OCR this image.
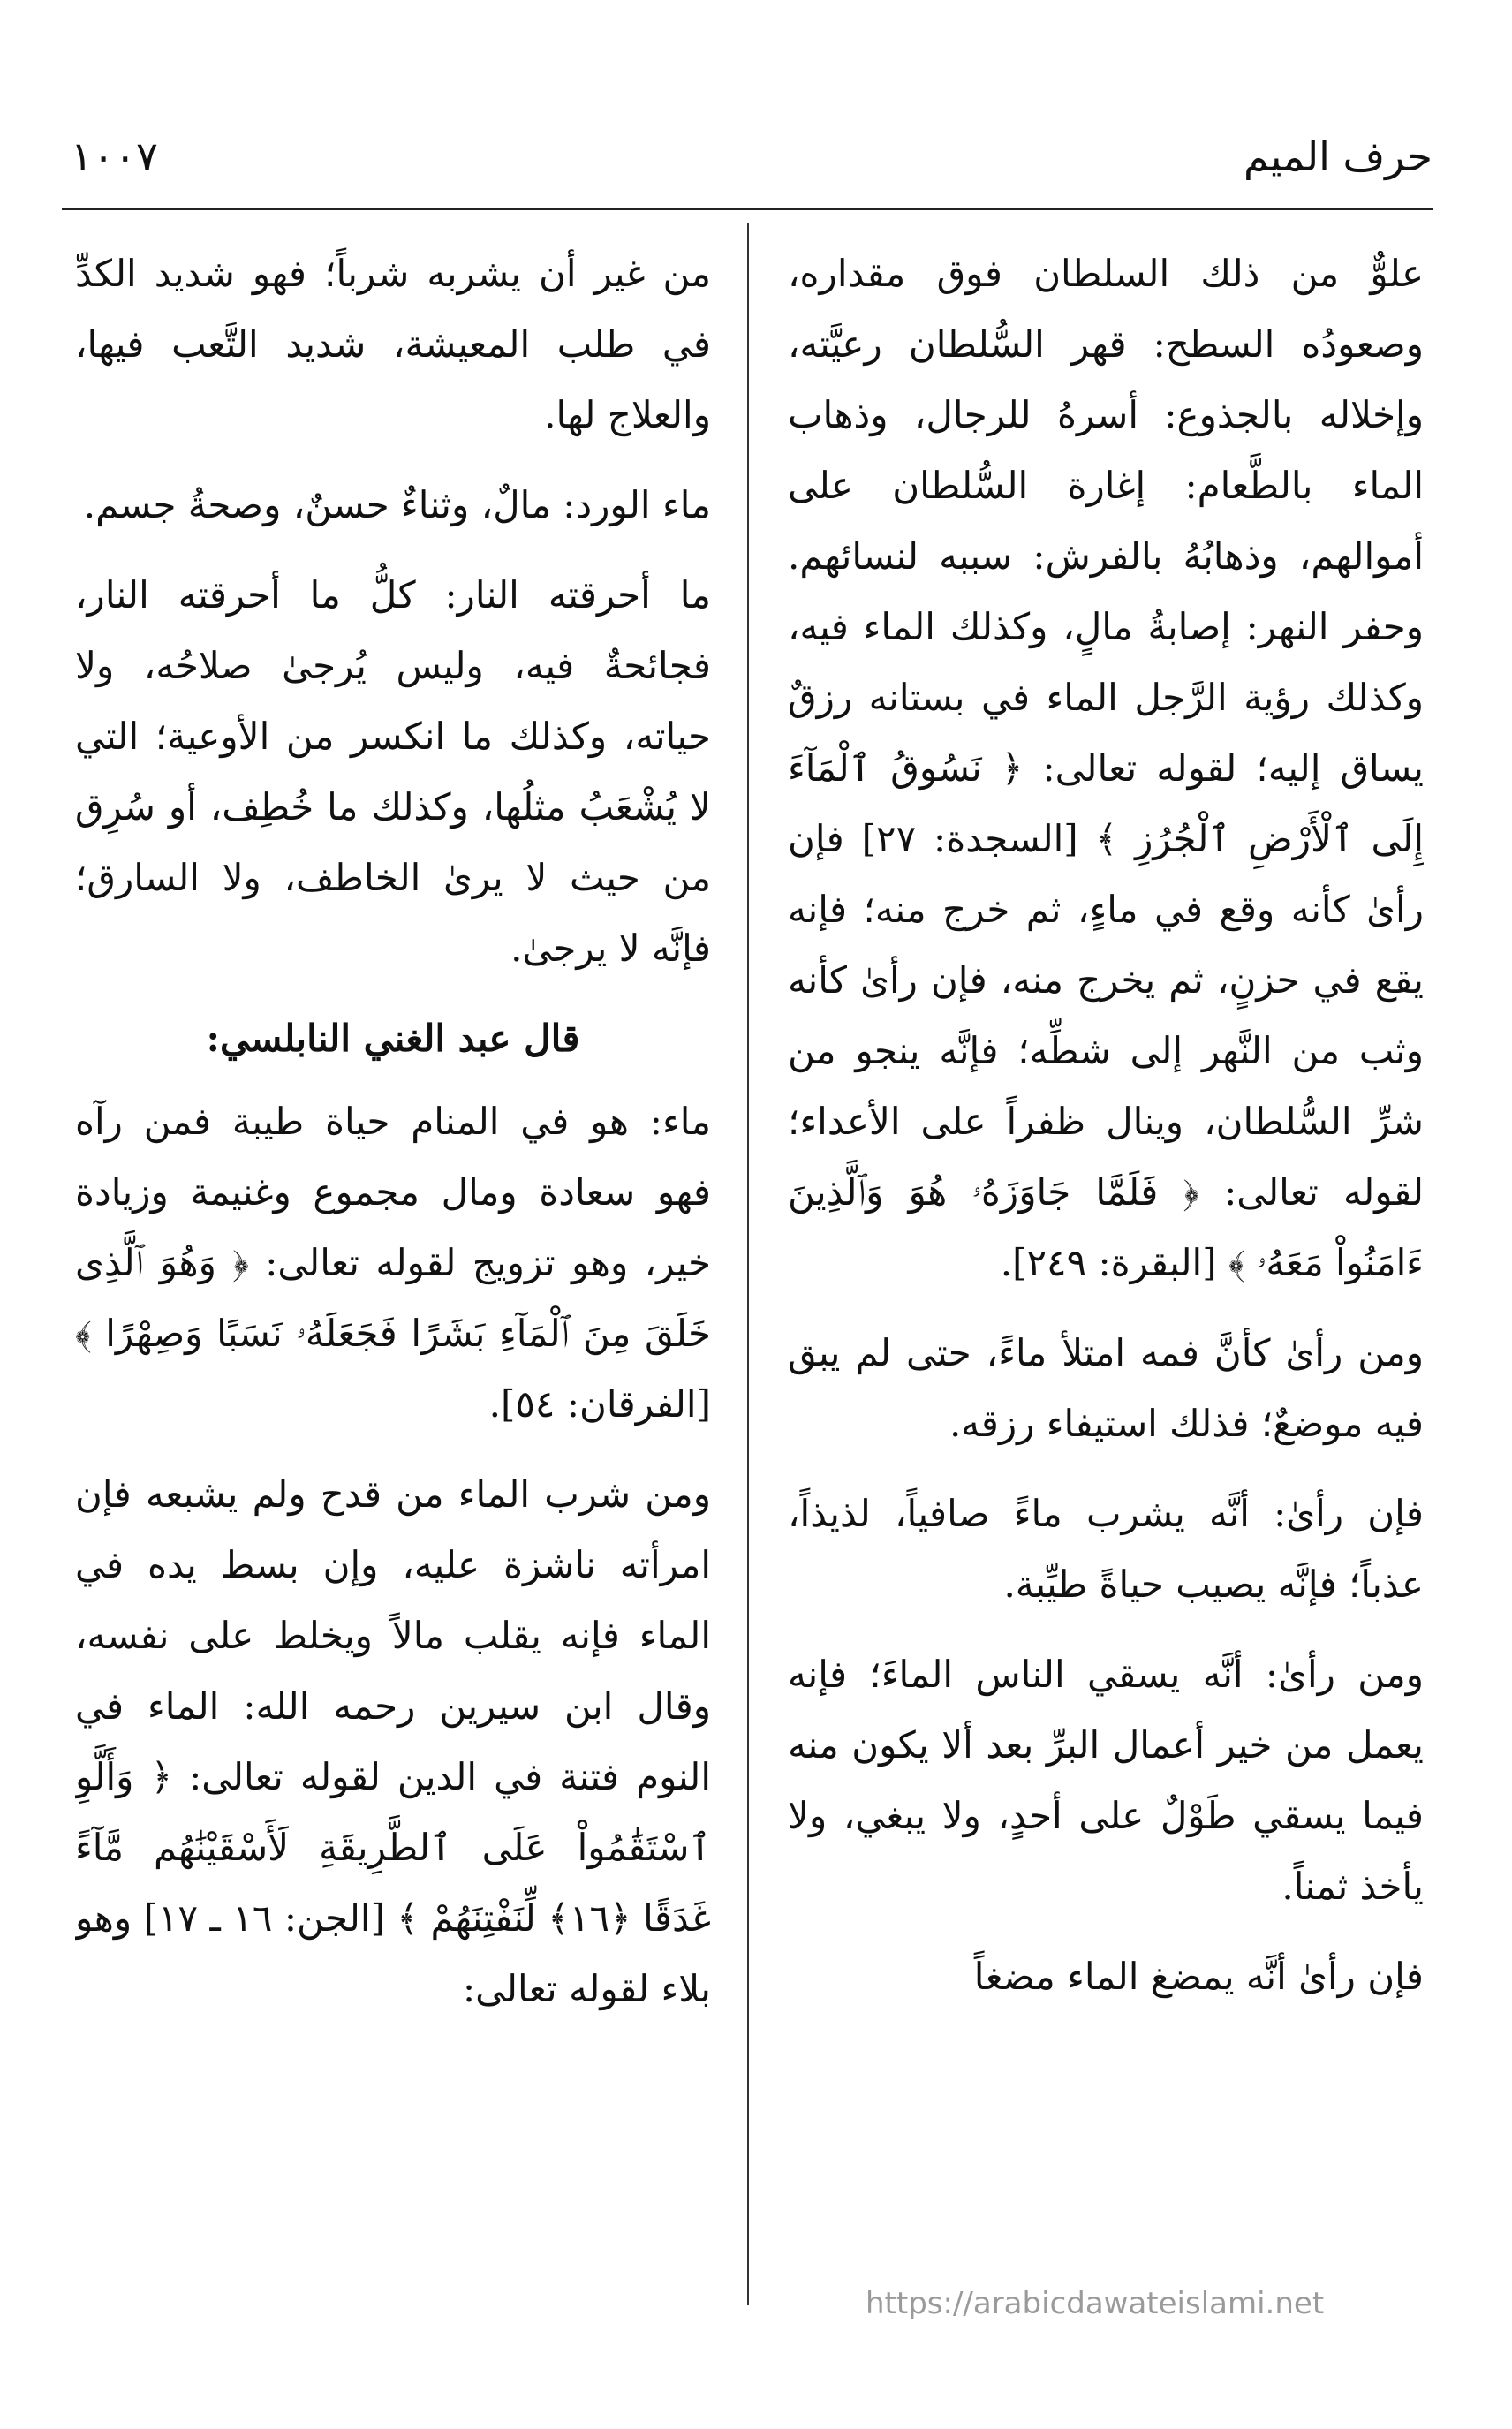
١٠٠٧	حرف الميم

علوٌّ من ذلك السلطان فوق مقداره، وصعودُه السطح: قهر السُّلطان رعيَّته، وإخلاله بالجذوع: أسرهُ للرجال، وذهاب الماء بالطَّعام: إغارة السُّلطان على أموالهم، وذهابُهُ بالفرش: سببه لنسائهم. وحفر النهر: إصابةُ مالٍ، وكذلك الماء فيه، وكذلك رؤية الرَّجل الماء في بستانه رزقٌ يساق إليه؛ لقوله تعالى: ﴿ نَسُوقُ ٱلْمَآءَ إِلَى ٱلْأَرْضِ ٱلْجُرُزِ ﴾ [السجدة: ٢٧] فإن رأىٰ كأنه وقع في ماءٍ، ثم خرج منه؛ فإنه يقع في حزنٍ، ثم يخرج منه، فإن رأىٰ كأنه وثب من النَّهر إلى شطِّه؛ فإنَّه ينجو من شرِّ السُّلطان، وينال ظفراً على الأعداء؛ لقوله تعالى: ﴿ فَلَمَّا جَاوَزَهُۥ هُوَ وَٱلَّذِينَ ءَامَنُواْ مَعَهُۥ ﴾ [البقرة: ٢٤٩].

ومن رأىٰ كأنَّ فمه امتلأ ماءً، حتى لم يبق فيه موضعٌ؛ فذلك استيفاء رزقه.

فإن رأىٰ: أنَّه يشرب ماءً صافياً، لذيذاً، عذباً؛ فإنَّه يصيب حياةً طيِّبة.

ومن رأىٰ: أنَّه يسقي الناس الماءَ؛ فإنه يعمل من خير أعمال البرِّ بعد ألا يكون منه فيما يسقي طَوْلٌ على أحدٍ، ولا يبغي، ولا يأخذ ثمناً.

فإن رأىٰ أنَّه يمضغ الماء مضغاً

من غير أن يشربه شرباً؛ فهو شديد الكدِّ في طلب المعيشة، شديد التَّعب فيها، والعلاج لها.

ماء الورد: مالٌ، وثناءٌ حسنٌ، وصحةُ جسم.

ما أحرقته النار: كلُّ ما أحرقته النار، فجائحةٌ فيه، وليس يُرجىٰ صلاحُه، ولا حياته، وكذلك ما انكسر من الأوعية؛ التي لا يُشْعَبُ مثلُها، وكذلك ما خُطِف، أو سُرِق من حيث لا يرىٰ الخاطف، ولا السارق؛ فإنَّه لا يرجىٰ.

قال عبد الغني النابلسي:

ماء: هو في المنام حياة طيبة فمن رآه فهو سعادة ومال مجموع وغنيمة وزيادة خير، وهو تزويج لقوله تعالى: ﴿ وَهُوَ ٱلَّذِى خَلَقَ مِنَ ٱلْمَآءِ بَشَرًا فَجَعَلَهُۥ نَسَبًا وَصِهْرًا ﴾ [الفرقان: ٥٤].

ومن شرب الماء من قدح ولم يشبعه فإن امرأته ناشزة عليه، وإن بسط يده في الماء فإنه يقلب مالاً ويخلط على نفسه، وقال ابن سيرين رحمه الله: الماء في النوم فتنة في الدين لقوله تعالى: ﴿ وَأَلَّوِ ٱسْتَقَٰمُواْ عَلَى ٱلطَّرِيقَةِ لَأَسْقَيْنَٰهُم مَّآءً غَدَقًا ﴿١٦﴾ لِّنَفْتِنَهُمْ ﴾ [الجن: ١٦ ـ ١٧] وهو بلاء لقوله تعالى:

https://arabicdawateislami.net
